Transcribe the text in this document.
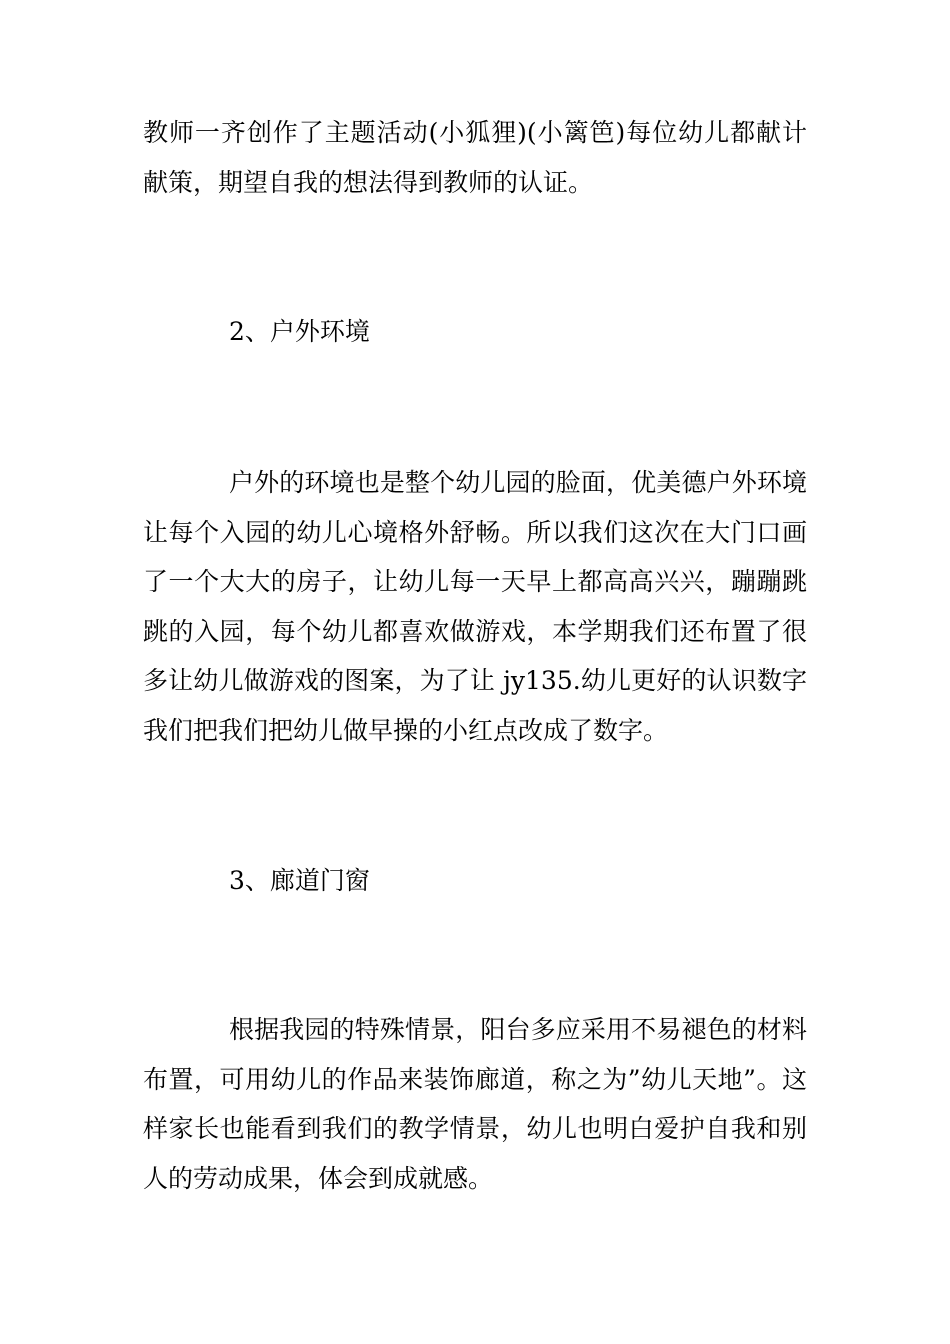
教师一齐创作了主题活动(小狐狸)(小篱笆)每位幼儿都献计献策，期望自我的想法得到教师的认证。

2、户外环境

户外的环境也是整个幼儿园的脸面，优美德户外环境让每个入园的幼儿心境格外舒畅。所以我们这次在大门口画了一个大大的房子，让幼儿每一天早上都高高兴兴，蹦蹦跳跳的入园，每个幼儿都喜欢做游戏，本学期我们还布置了很多让幼儿做游戏的图案，为了让 jy135.幼儿更好的认识数字我们把我们把幼儿做早操的小红点改成了数字。

3、廊道门窗

根据我园的特殊情景，阳台多应采用不易褪色的材料布置，可用幼儿的作品来装饰廊道，称之为”幼儿天地”。这样家长也能看到我们的教学情景，幼儿也明白爱护自我和别人的劳动成果，体会到成就感。
